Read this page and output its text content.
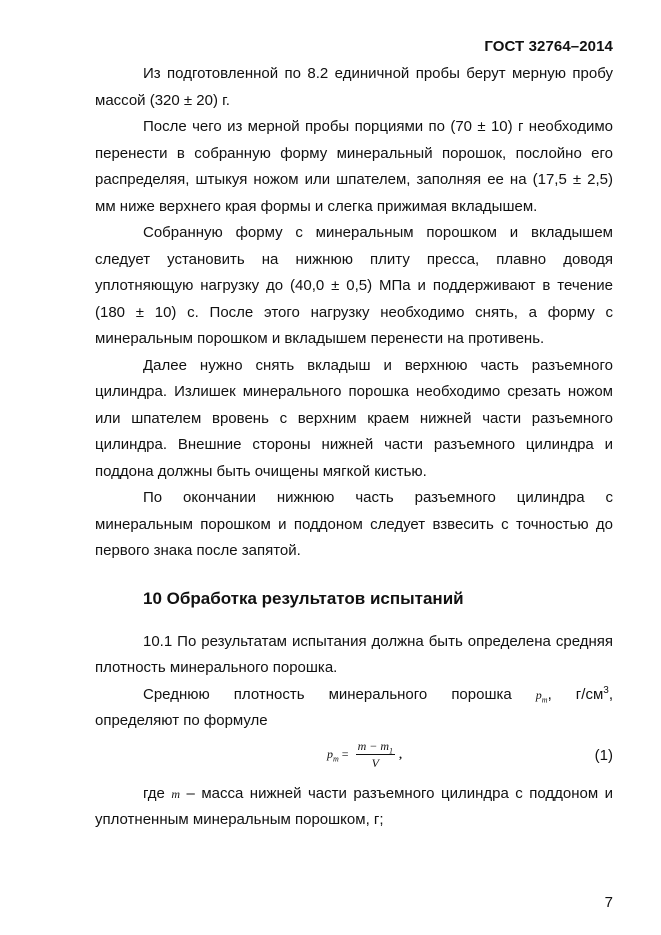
ГОСТ 32764–2014

Из подготовленной по 8.2 единичной пробы берут мерную пробу массой (320 ± 20) г.

После чего из мерной пробы порциями по (70 ± 10) г необходимо перенести в собранную форму минеральный порошок, послойно его распределяя, штыкуя ножом или шпателем, заполняя ее на (17,5 ± 2,5) мм ниже верхнего края формы и слегка прижимая вкладышем.

Собранную форму с минеральным порошком и вкладышем следует установить на нижнюю плиту пресса, плавно доводя уплотняющую нагрузку до (40,0 ± 0,5) МПа и поддерживают в течение (180 ± 10) с. После этого нагрузку необходимо снять, а форму с минеральным порошком и вкладышем перенести на противень.

Далее нужно снять вкладыш и верхнюю часть разъемного цилиндра. Излишек минерального порошка необходимо срезать ножом или шпателем вровень с верхним краем нижней части разъемного цилиндра. Внешние стороны нижней части разъемного цилиндра и поддона должны быть очищены мягкой кистью.

По окончании нижнюю часть разъемного цилиндра с минеральным порошком и поддоном следует взвесить с точностью до первого знака после запятой.

10 Обработка результатов испытаний

10.1 По результатам испытания должна быть определена средняя плотность минерального порошка.

Среднюю плотность минерального порошка $p_m$, $г/см^3$,

определяют по формуле

$p_m = \frac{m - m_1}{V}$ ,	(1)

где m – масса нижней части разъемного цилиндра с поддоном и уплотненным минеральным порошком, г;

7
